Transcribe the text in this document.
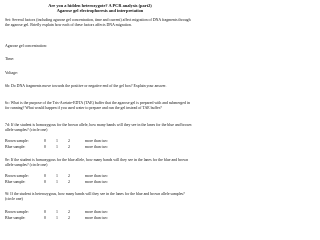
Are you a hidden heterozygote? A PCR analysis (part2)
Agarose gel electrophoresis and interpretation

Set: Several factors (including agarose gel concentration, time and current) affect migration of DNA fragments through the agarose gel. Briefly explain how each of these factors affects DNA migration.

Agarose gel concentration:

Time:

Voltage:

6b: Do DNA fragments move towards the positive or negative end of the gel box? Explain your answer.

6c: What is the purpose of the Tris-Acetate-EDTA (TAE) buffer that the agarose gel is prepared with and submerged in for running? What would happen if you used water to prepare and run the gel instead of TAE buffer?

7d: If the student is homozygous for the brown allele, how many bands will they see in the lanes for the blue and brown allele samples? (circle one)

Brown sample:	0	1	2	more than two
Blue sample:	0	1	2	more than two

8e: If the student is homozygous for the blue allele, how many bands will they see in the lanes for the blue and brown allele samples? (circle one)

Brown sample:	0	1	2	more than two
Blue sample:	0	1	2	more than two

9f: If the student is heterozygous, how many bands will they see in the lanes for the blue and brown allele samples? (circle one)

Brown sample:	0	1	2	more than two
Blue sample:	0	1	2	more than two
